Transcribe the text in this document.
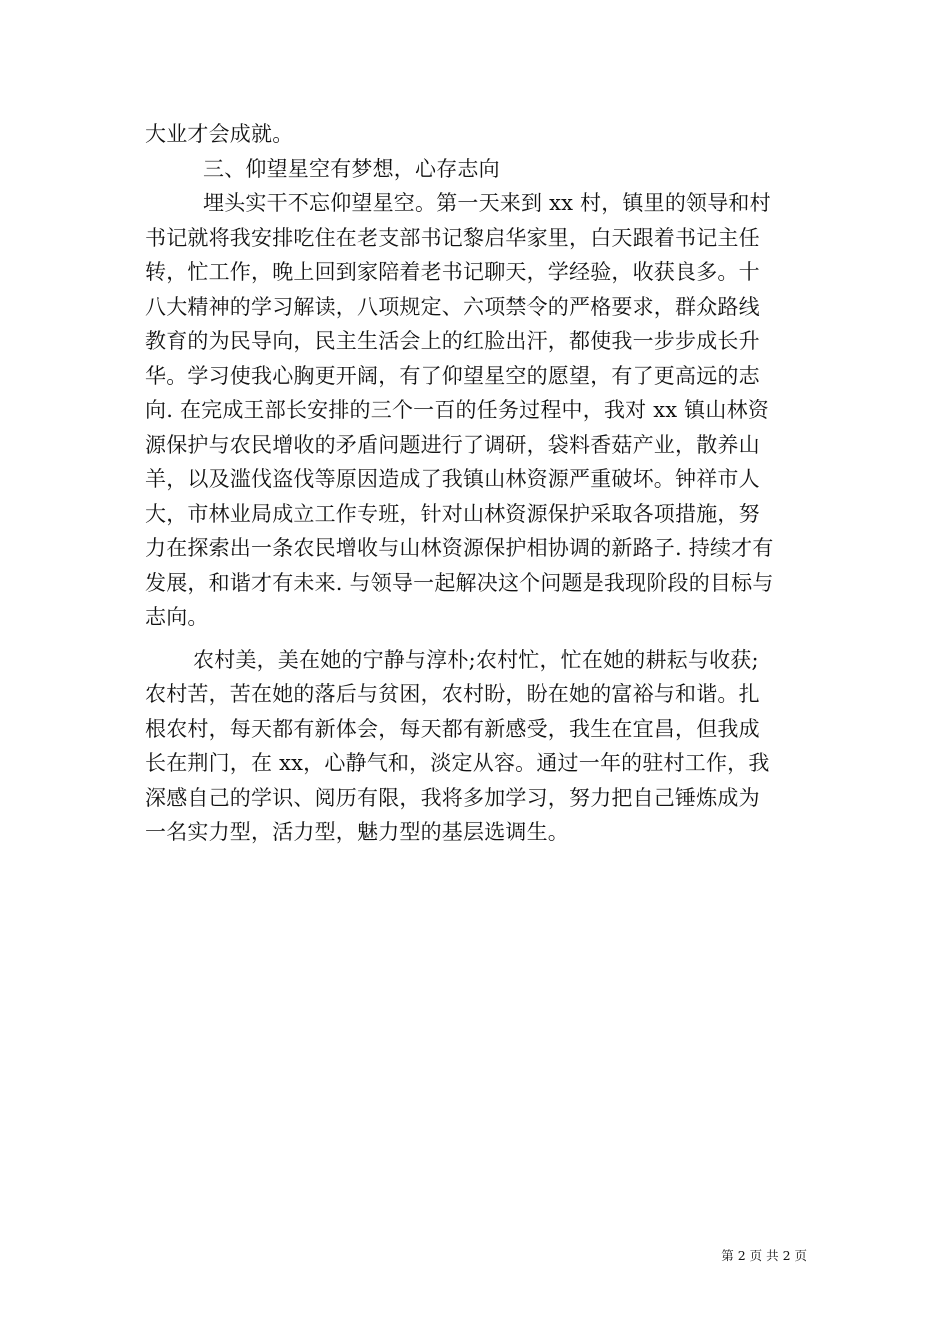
大业才会成就。
三、仰望星空有梦想，心存志向
埋头实干不忘仰望星空。第一天来到 xx 村，镇里的领导和村
书记就将我安排吃住在老支部书记黎启华家里，白天跟着书记主任
转，忙工作，晚上回到家陪着老书记聊天，学经验，收获良多。十
八大精神的学习解读，八项规定、六项禁令的严格要求，群众路线
教育的为民导向，民主生活会上的红脸出汗，都使我一步步成长升
华。学习使我心胸更开阔，有了仰望星空的愿望，有了更高远的志
向. 在完成王部长安排的三个一百的任务过程中，我对 xx 镇山林资
源保护与农民增收的矛盾问题进行了调研，袋料香菇产业，散养山
羊，以及滥伐盗伐等原因造成了我镇山林资源严重破坏。钟祥市人
大，市林业局成立工作专班，针对山林资源保护采取各项措施，努
力在探索出一条农民增收与山林资源保护相协调的新路子. 持续才有
发展，和谐才有未来. 与领导一起解决这个问题是我现阶段的目标与
志向。
农村美，美在她的宁静与淳朴;农村忙，忙在她的耕耘与收获;
农村苦，苦在她的落后与贫困，农村盼，盼在她的富裕与和谐。扎
根农村，每天都有新体会，每天都有新感受，我生在宜昌，但我成
长在荆门，在 xx，心静气和，淡定从容。通过一年的驻村工作，我
深感自己的学识、阅历有限，我将多加学习，努力把自己锤炼成为
一名实力型，活力型，魅力型的基层选调生。
第 2 页 共 2 页
